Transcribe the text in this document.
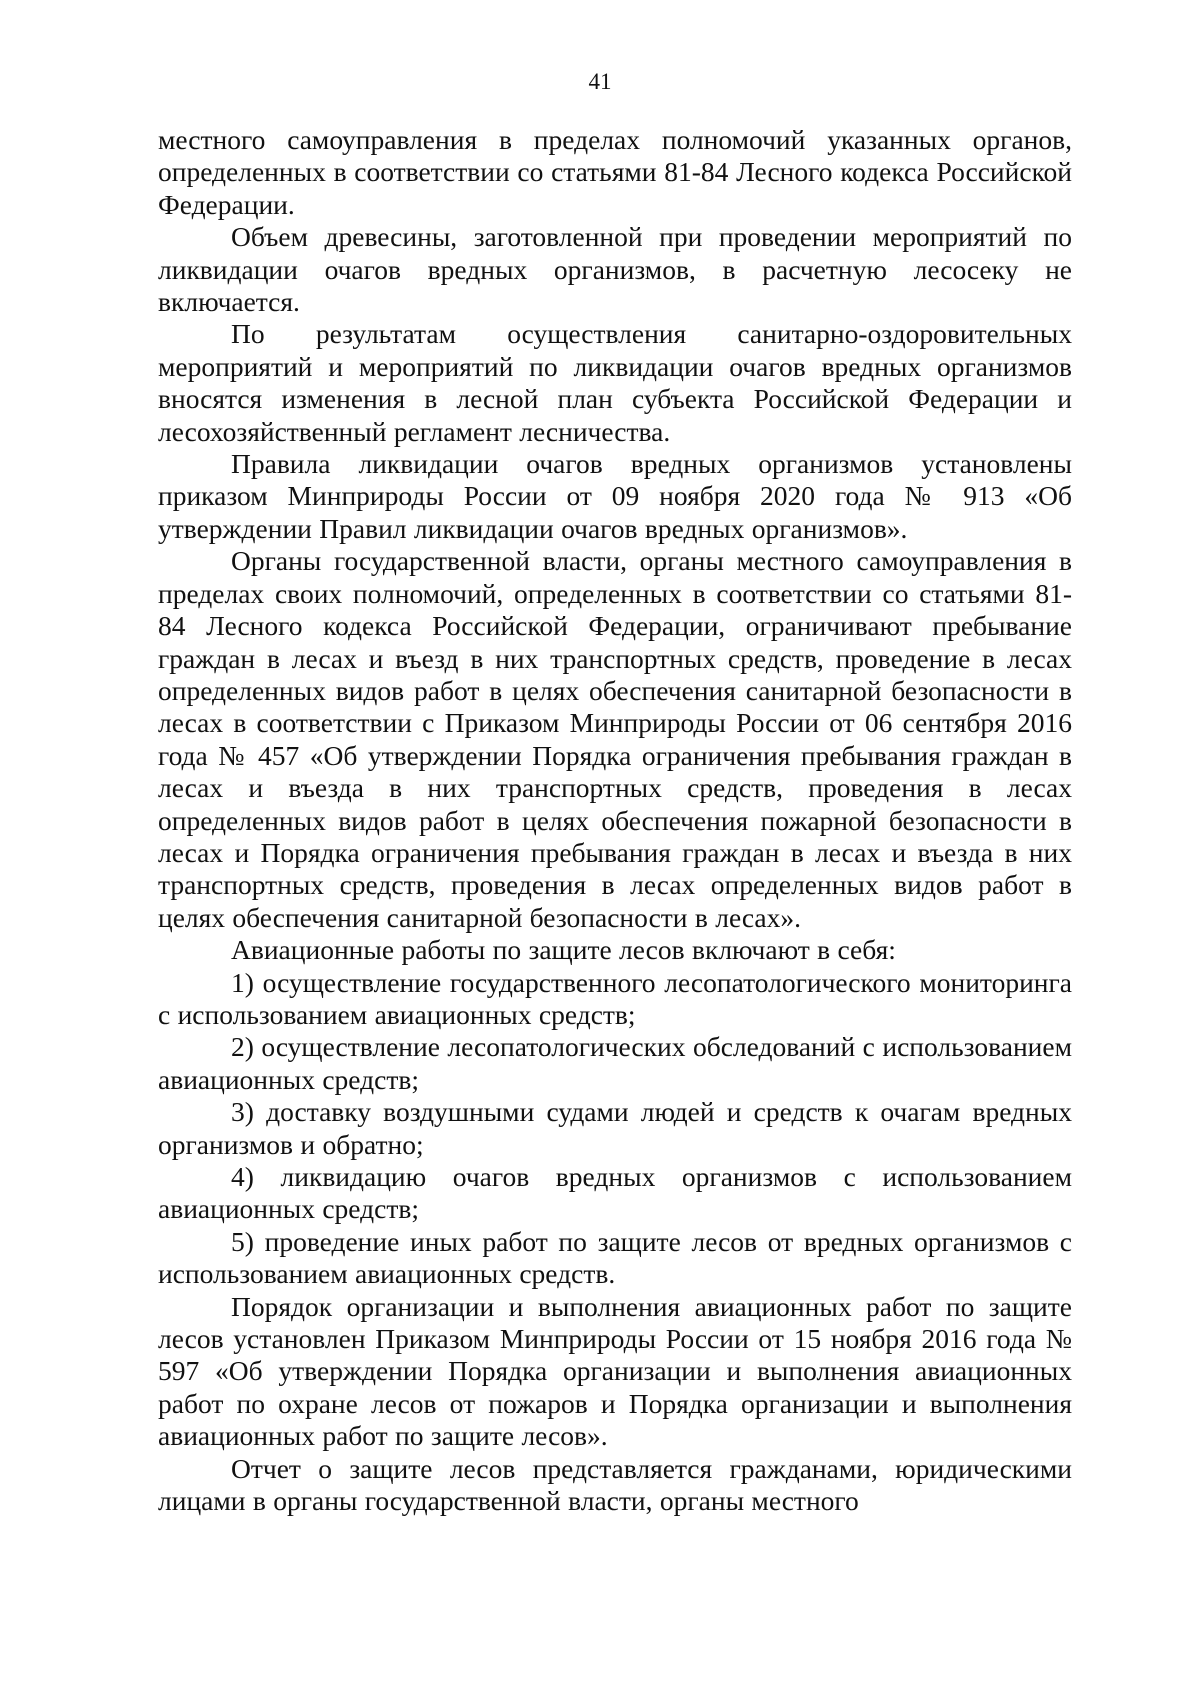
41

местного самоуправления в пределах полномочий указанных органов, определенных в соответствии со статьями 81-84 Лесного кодекса Российской Федерации.

Объем древесины, заготовленной при проведении мероприятий по ликвидации очагов вредных организмов, в расчетную лесосеку не включается.

По результатам осуществления санитарно-оздоровительных мероприятий и мероприятий по ликвидации очагов вредных организмов вносятся изменения в лесной план субъекта Российской Федерации и лесохозяйственный регламент лесничества.

Правила ликвидации очагов вредных организмов установлены приказом Минприроды России от 09 ноября 2020 года № 913 «Об утверждении Правил ликвидации очагов вредных организмов».

Органы государственной власти, органы местного самоуправления в пределах своих полномочий, определенных в соответствии со статьями 81-84 Лесного кодекса Российской Федерации, ограничивают пребывание граждан в лесах и въезд в них транспортных средств, проведение в лесах определенных видов работ в целях обеспечения санитарной безопасности в лесах в соответствии с Приказом Минприроды России от 06 сентября 2016 года № 457 «Об утверждении Порядка ограничения пребывания граждан в лесах и въезда в них транспортных средств, проведения в лесах определенных видов работ в целях обеспечения пожарной безопасности в лесах и Порядка ограничения пребывания граждан в лесах и въезда в них транспортных средств, проведения в лесах определенных видов работ в целях обеспечения санитарной безопасности в лесах».

Авиационные работы по защите лесов включают в себя:

1) осуществление государственного лесопатологического мониторинга с использованием авиационных средств;

2) осуществление лесопатологических обследований с использованием авиационных средств;

3) доставку воздушными судами людей и средств к очагам вредных организмов и обратно;

4) ликвидацию очагов вредных организмов с использованием авиационных средств;

5) проведение иных работ по защите лесов от вредных организмов с использованием авиационных средств.

Порядок организации и выполнения авиационных работ по защите лесов установлен Приказом Минприроды России от 15 ноября 2016 года № 597 «Об утверждении Порядка организации и выполнения авиационных работ по охране лесов от пожаров и Порядка организации и выполнения авиационных работ по защите лесов».

Отчет о защите лесов представляется гражданами, юридическими лицами в органы государственной власти, органы местного
